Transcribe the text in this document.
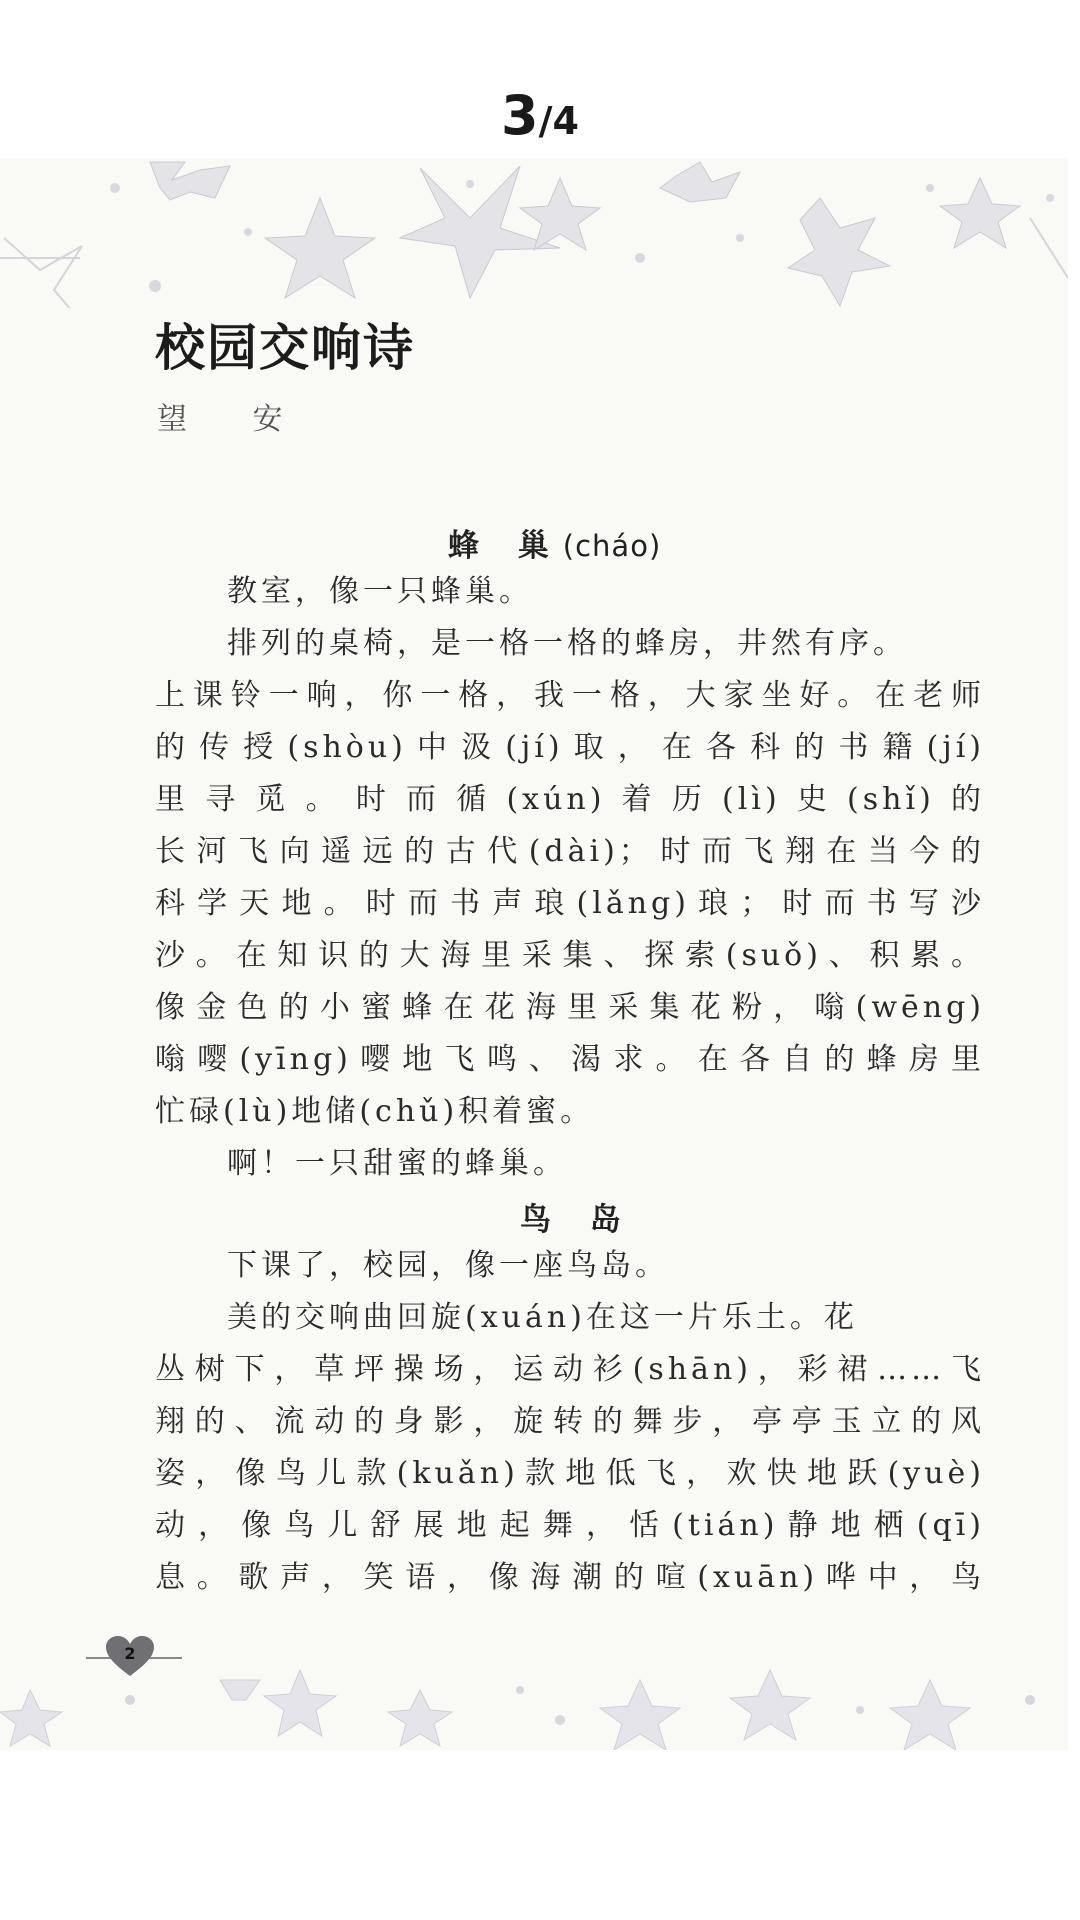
3/4
校园交响诗
望 安
蜂 巢(cháo)
教室，像一只蜂巢。
排列的桌椅，是一格一格的蜂房，井然有序。
上课铃一响，你一格，我一格，大家坐好。在老师
的传授(shòu)中汲(jí)取，在各科的书籍(jí)
里寻觅。时而循(xún)着历(lì)史(shǐ)的
长河飞向遥远的古代(dài)；时而飞翔在当今的
科学天地。时而书声琅(lǎng)琅；时而书写沙
沙。在知识的大海里采集、探索(suǒ)、积累。
像金色的小蜜蜂在花海里采集花粉，嗡(wēng)
嗡嘤(yīng)嘤地飞鸣、渴求。在各自的蜂房里
忙碌(lù)地储(chǔ)积着蜜。
啊！一只甜蜜的蜂巢。
鸟 岛
下课了，校园，像一座鸟岛。
美的交响曲回旋(xuán)在这一片乐土。花
丛树下，草坪操场，运动衫(shān)，彩裙……飞
翔的、流动的身影，旋转的舞步，亭亭玉立的风
姿，像鸟儿款(kuǎn)款地低飞，欢快地跃(yuè)
动，像鸟儿舒展地起舞，恬(tián)静地栖(qī)
息。歌声，笑语，像海潮的喧(xuān)哗中，鸟
2
